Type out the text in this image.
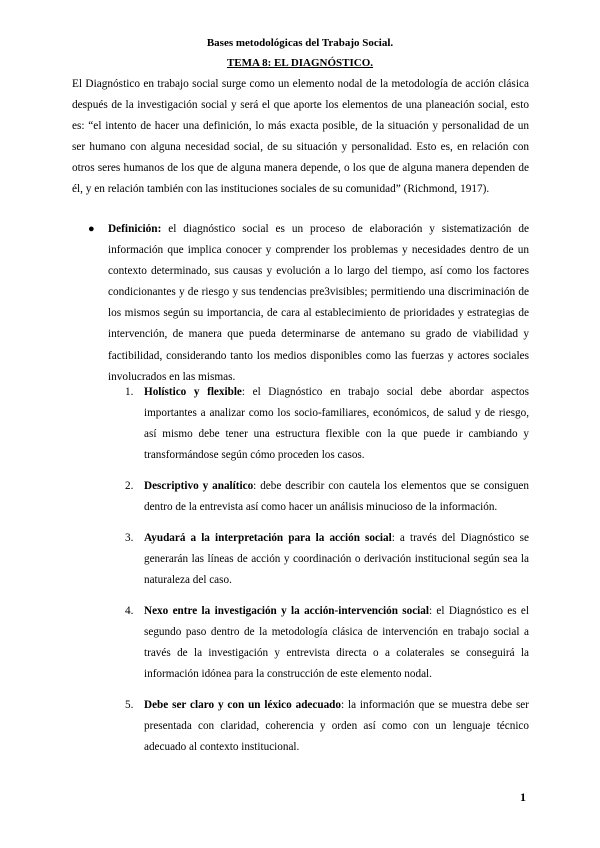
Bases metodológicas del Trabajo Social.
TEMA 8: EL DIAGNÓSTICO.

El Diagnóstico en trabajo social surge como un elemento nodal de la metodología de acción clásica después de la investigación social y será el que aporte los elementos de una planeación social, esto es: “el intento de hacer una definición, lo más exacta posible, de la situación y personalidad de un ser humano con alguna necesidad social, de su situación y personalidad. Esto es, en relación con otros seres humanos de los que de alguna manera depende, o los que de alguna manera dependen de él, y en relación también con las instituciones sociales de su comunidad” (Richmond, 1917).

● Definición: el diagnóstico social es un proceso de elaboración y sistematización de información que implica conocer y comprender los problemas y necesidades dentro de un contexto determinado, sus causas y evolución a lo largo del tiempo, así como los factores condicionantes y de riesgo y sus tendencias pre3visibles; permitiendo una discriminación de los mismos según su importancia, de cara al establecimiento de prioridades y estrategias de intervención, de manera que pueda determinarse de antemano su grado de viabilidad y factibilidad, considerando tanto los medios disponibles como las fuerzas y actores sociales involucrados en las mismas.

1. Holístico y flexible: el Diagnóstico en trabajo social debe abordar aspectos importantes a analizar como los socio-familiares, económicos, de salud y de riesgo, así mismo debe tener una estructura flexible con la que puede ir cambiando y transformándose según cómo proceden los casos.
2. Descriptivo y analítico: debe describir con cautela los elementos que se consiguen dentro de la entrevista así como hacer un análisis minucioso de la información.
3. Ayudará a la interpretación para la acción social: a través del Diagnóstico se generarán las líneas de acción y coordinación o derivación institucional según sea la naturaleza del caso.
4. Nexo entre la investigación y la acción-intervención social: el Diagnóstico es el segundo paso dentro de la metodología clásica de intervención en trabajo social a través de la investigación y entrevista directa o a colaterales se conseguirá la información idónea para la construcción de este elemento nodal.
5. Debe ser claro y con un léxico adecuado: la información que se muestra debe ser presentada con claridad, coherencia y orden así como con un lenguaje técnico adecuado al contexto institucional.
1
